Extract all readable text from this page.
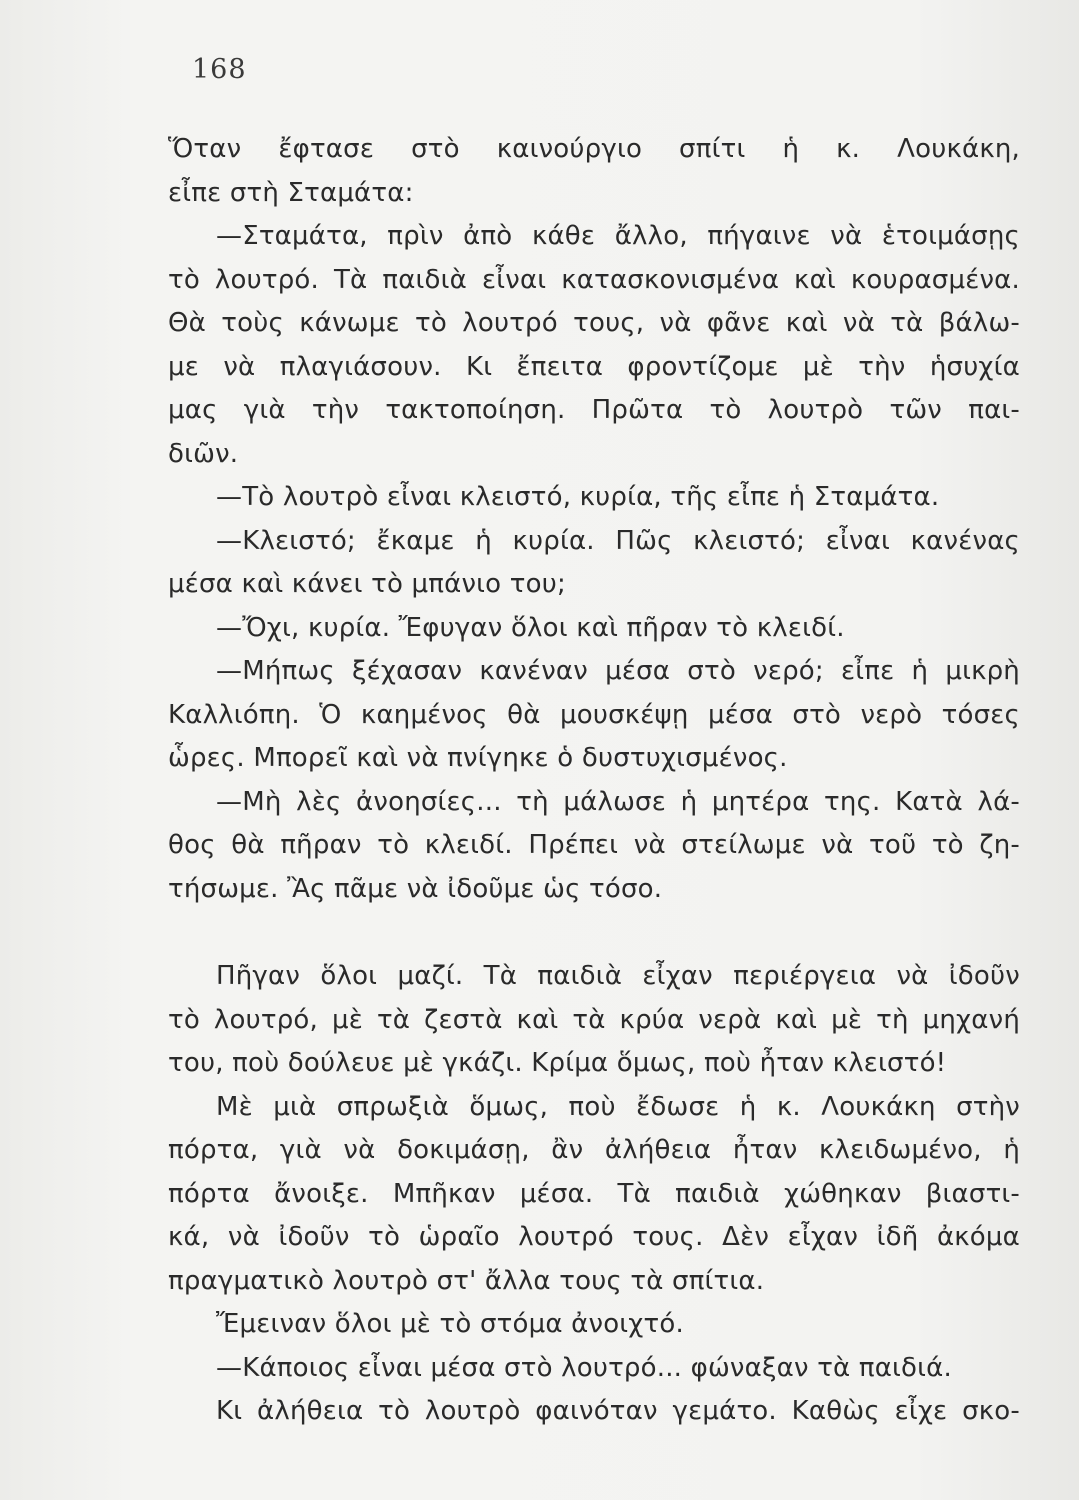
168
Ὅταν ἔφτασε στὸ καινούργιο σπίτι ἡ κ. Λουκάκη,
εἶπε στὴ Σταμάτα:
—Σταμάτα, πρὶν ἀπὸ κάθε ἄλλο, πήγαινε νὰ ἑτοιμάσῃς
τὸ λουτρό. Τὰ παιδιὰ εἶναι κατασκονισμένα καὶ κουρασμένα.
Θὰ τοὺς κάνωμε τὸ λουτρό τους, νὰ φᾶνε καὶ νὰ τὰ βάλω-
με νὰ πλαγιάσουν. Κι ἔπειτα φροντίζομε μὲ τὴν ἡσυχία
μας γιὰ τὴν τακτοποίηση. Πρῶτα τὸ λουτρὸ τῶν παι-
διῶν.
—Τὸ λουτρὸ εἶναι κλειστό, κυρία, τῆς εἶπε ἡ Σταμάτα.
—Κλειστό; ἔκαμε ἡ κυρία. Πῶς κλειστό; εἶναι κανένας
μέσα καὶ κάνει τὸ μπάνιο του;
—Ὄχι, κυρία. Ἔφυγαν ὅλοι καὶ πῆραν τὸ κλειδί.
—Μήπως ξέχασαν κανέναν μέσα στὸ νερό; εἶπε ἡ μικρὴ
Καλλιόπη. Ὁ καημένος θὰ μουσκέψῃ μέσα στὸ νερὸ τόσες
ὧρες. Μπορεῖ καὶ νὰ πνίγηκε ὁ δυστυχισμένος.
—Μὴ λὲς ἀνοησίες... τὴ μάλωσε ἡ μητέρα της. Κατὰ λά-
θος θὰ πῆραν τὸ κλειδί. Πρέπει νὰ στείλωμε νὰ τοῦ τὸ ζη-
τήσωμε. Ἂς πᾶμε νὰ ἰδοῦμε ὡς τόσο.
Πῆγαν ὅλοι μαζί. Τὰ παιδιὰ εἶχαν περιέργεια νὰ ἰδοῦν
τὸ λουτρό, μὲ τὰ ζεστὰ καὶ τὰ κρύα νερὰ καὶ μὲ τὴ μηχανή
του, ποὺ δούλευε μὲ γκάζι. Κρίμα ὅμως, ποὺ ἦταν κλειστό!
Μὲ μιὰ σπρωξιὰ ὅμως, ποὺ ἔδωσε ἡ κ. Λουκάκη στὴν
πόρτα, γιὰ νὰ δοκιμάσῃ, ἂν ἀλήθεια ἦταν κλειδωμένο, ἡ
πόρτα ἄνοιξε. Μπῆκαν μέσα. Τὰ παιδιὰ χώθηκαν βιαστι-
κά, νὰ ἰδοῦν τὸ ὡραῖο λουτρό τους. Δὲν εἶχαν ἰδῆ ἀκόμα
πραγματικὸ λουτρὸ στ' ἄλλα τους τὰ σπίτια.
Ἔμειναν ὅλοι μὲ τὸ στόμα ἀνοιχτό.
—Κάποιος εἶναι μέσα στὸ λουτρό... φώναξαν τὰ παιδιά.
Κι ἀλήθεια τὸ λουτρὸ φαινόταν γεμάτο. Καθὼς εἶχε σκο-
